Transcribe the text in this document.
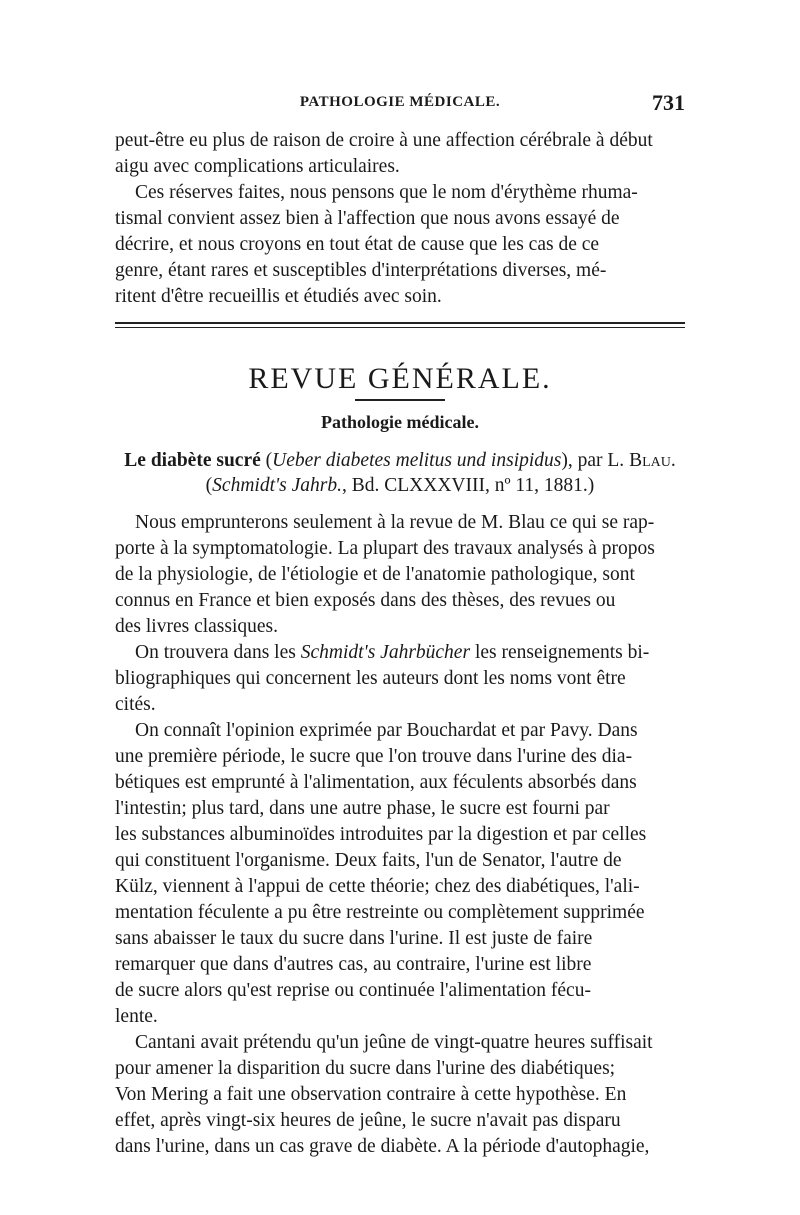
PATHOLOGIE MÉDICALE.	731
peut-être eu plus de raison de croire à une affection cérébrale à début
aigu avec complications articulaires.
Ces réserves faites, nous pensons que le nom d'érythème rhuma-
tismal convient assez bien à l'affection que nous avons essayé de
décrire, et nous croyons en tout état de cause que les cas de ce
genre, étant rares et susceptibles d'interprétations diverses, mé-
ritent d'être recueillis et étudiés avec soin.
REVUE GÉNÉRALE.
Pathologie médicale.
Le diabète sucré (Ueber diabetes melitus und insipidus), par L. Blau.
(Schmidt's Jahrb., Bd. CLXXXVIII, nº 11, 1881.)
Nous emprunterons seulement à la revue de M. Blau ce qui se rap-
porte à la symptomatologie. La plupart des travaux analysés à propos
de la physiologie, de l'étiologie et de l'anatomie pathologique, sont
connus en France et bien exposés dans des thèses, des revues ou
des livres classiques.
On trouvera dans les Schmidt's Jahrbücher les renseignements bi-
bliographiques qui concernent les auteurs dont les noms vont être
cités.
On connaît l'opinion exprimée par Bouchardat et par Pavy. Dans
une première période, le sucre que l'on trouve dans l'urine des dia-
bétiques est emprunté à l'alimentation, aux féculents absorbés dans
l'intestin; plus tard, dans une autre phase, le sucre est fourni par
les substances albuminoïdes introduites par la digestion et par celles
qui constituent l'organisme. Deux faits, l'un de Senator, l'autre de
Külz, viennent à l'appui de cette théorie; chez des diabétiques, l'ali-
mentation féculente a pu être restreinte ou complètement supprimée
sans abaisser le taux du sucre dans l'urine. Il est juste de faire
remarquer que dans d'autres cas, au contraire, l'urine est libre
de sucre alors qu'est reprise ou continuée l'alimentation fécu-
lente.
Cantani avait prétendu qu'un jeûne de vingt-quatre heures suffisait
pour amener la disparition du sucre dans l'urine des diabétiques;
Von Mering a fait une observation contraire à cette hypothèse. En
effet, après vingt-six heures de jeûne, le sucre n'avait pas disparu
dans l'urine, dans un cas grave de diabète. A la période d'autophagie,
